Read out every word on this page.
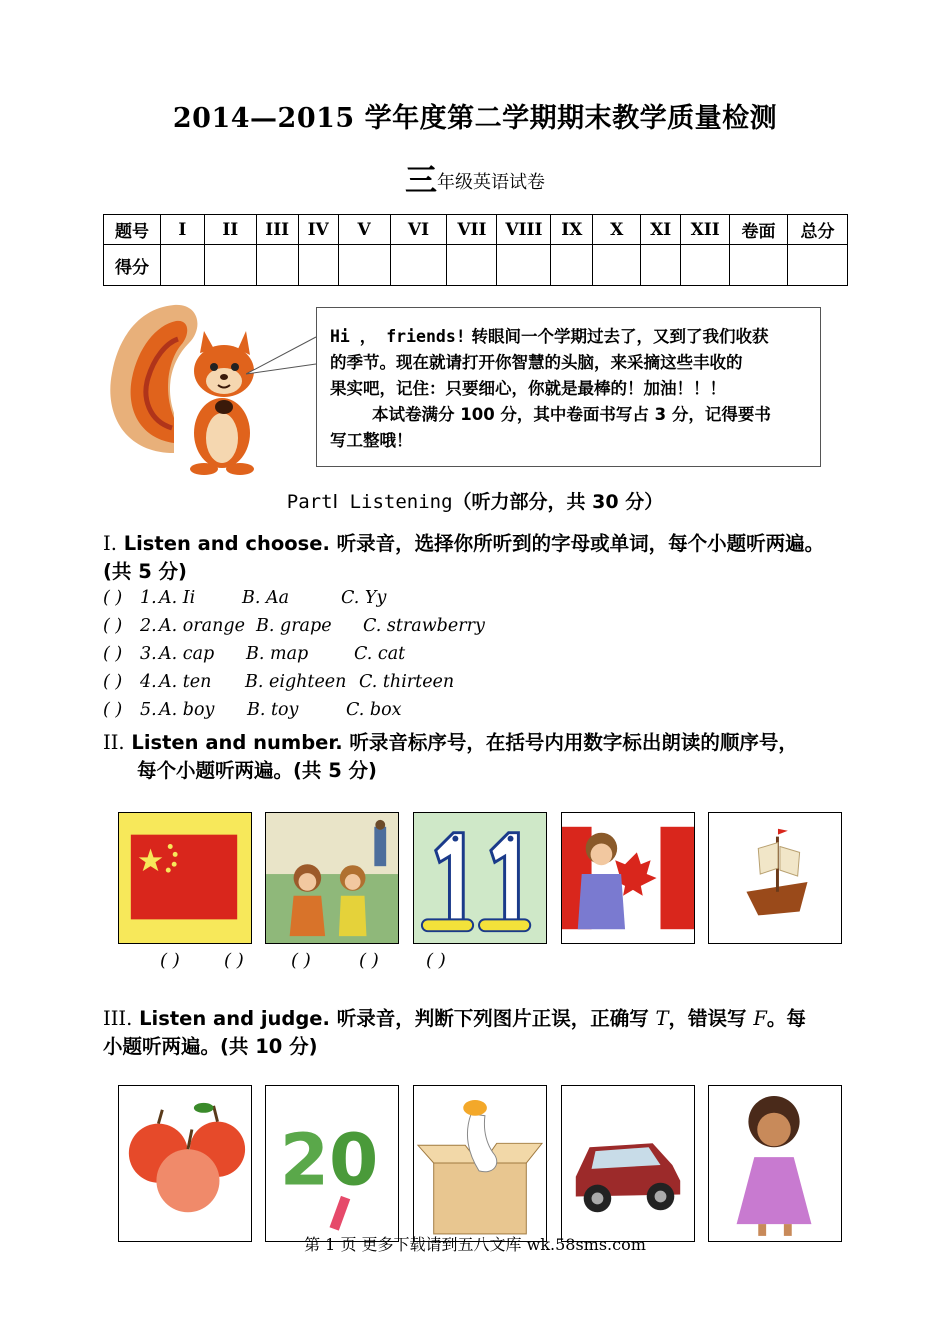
2014—2015 学年度第二学期期末教学质量检测
三年级英语试卷
题号	I	II	III	IV	V	VI	VII	VIII	IX	X	XI	XII	卷面	总分
得分														
Hi ， friends! 转眼间一个学期过去了，又到了我们收获
的季节。现在就请打开你智慧的头脑，来采摘这些丰收的
果实吧，记住：只要细心，你就是最棒的！加油！！！
本试卷满分 100 分，其中卷面书写占 3 分，记得要书
写工整哦！
PartⅠ Listening（听力部分，共 30 分）
I. Listen and choose. 听录音，选择你所听到的字母或单词，每个小题听两遍。
(共 5 分)
( ) 1. A. Ii	B. Aa	C. Yy
( ) 2. A. orange B. grape C. strawberry
( ) 3. A. cap B. map	C. cat
( ) 4. A. ten B. eighteen C. thirteen
( ) 5. A. boy B. toy	C. box
II. Listen and number. 听录音标序号，在括号内用数字标出朗读的顺序号，
每个小题听两遍。(共 5 分)
( ) ( )	( )	( )	( )
III. Listen and judge. 听录音，判断下列图片正误，正确写 T，错误写 F。每
小题听两遍。(共 10 分)
2 0
第 1 页 更多下载请到五八文库 wk.58sms.com
